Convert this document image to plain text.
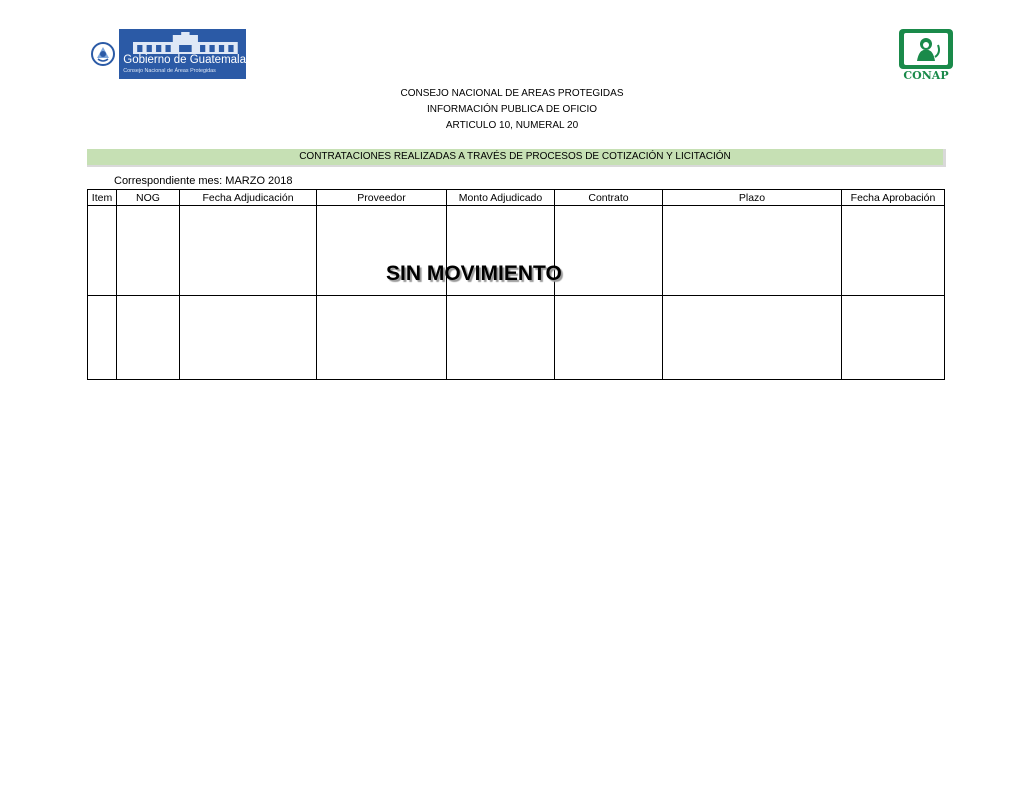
Gobierno de Guatemala
Consejo Nacional de Áreas Protegidas	CONAP
CONSEJO NACIONAL DE AREAS PROTEGIDAS
INFORMACIÓN PUBLICA DE OFICIO
ARTICULO 10, NUMERAL 20
CONTRATACIONES REALIZADAS A TRAVÉS DE PROCESOS DE COTIZACIÓN Y LICITACIÓN
Correspondiente mes: MARZO 2018
Item	NOG	Fecha Adjudicación	Proveedor	Monto Adjudicado	Contrato	Plazo	Fecha Aprobación

SIN MOVIMIENTO
